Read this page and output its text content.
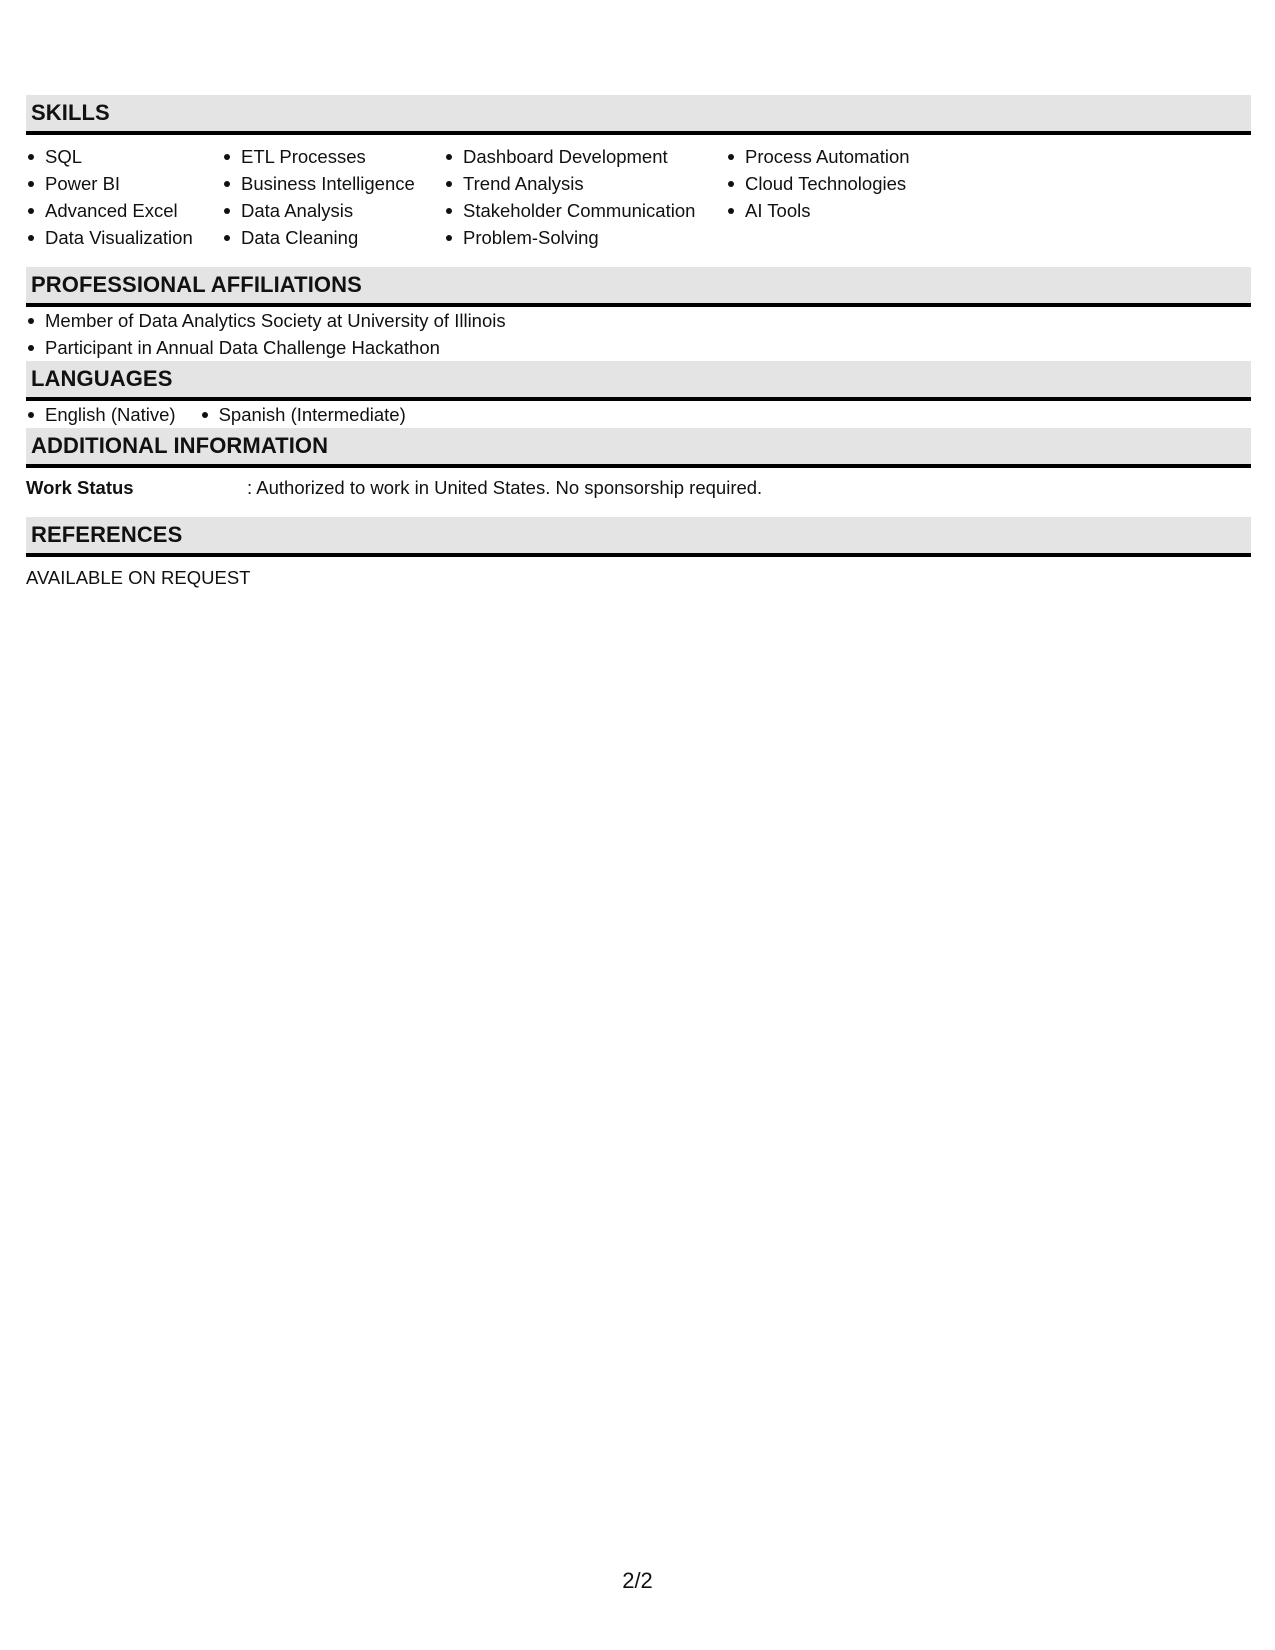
SKILLS
SQL
Power BI
Advanced Excel
Data Visualization
ETL Processes
Business Intelligence
Data Analysis
Data Cleaning
Dashboard Development
Trend Analysis
Stakeholder Communication
Problem-Solving
Process Automation
Cloud Technologies
AI Tools
PROFESSIONAL AFFILIATIONS
Member of Data Analytics Society at University of Illinois
Participant in Annual Data Challenge Hackathon
LANGUAGES
English (Native)	Spanish (Intermediate)
ADDITIONAL INFORMATION
Work Status	: Authorized to work in United States. No sponsorship required.
REFERENCES
AVAILABLE ON REQUEST
2/2
